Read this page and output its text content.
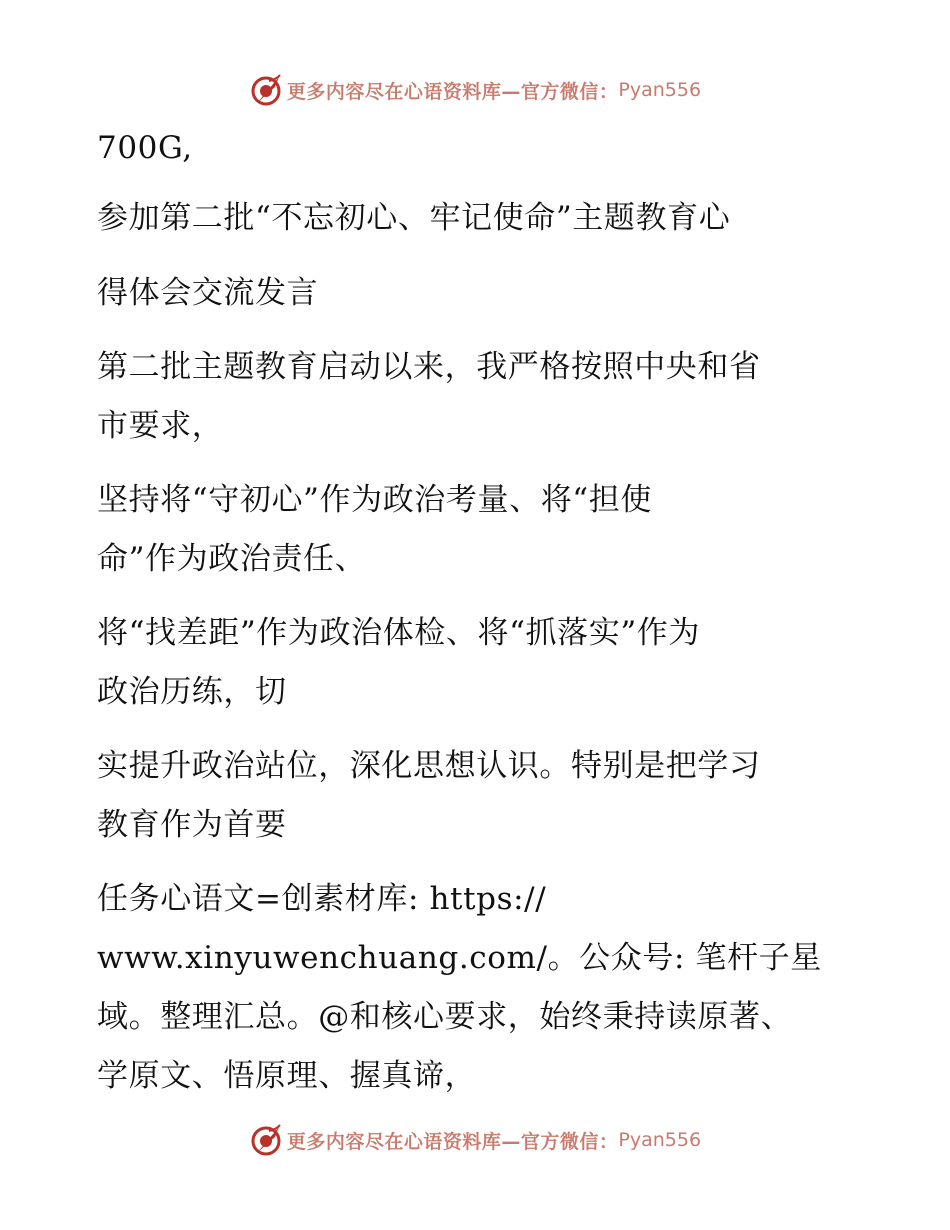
更多内容尽在心语资料库—官方微信： Pyan556
700G,
参加第二批“不忘初心、牢记使命”主题教育心
得体会交流发言
第二批主题教育启动以来，我严格按照中央和省
市要求，
坚持将“守初心”作为政治考量、将“担使
命”作为政治责任、
将“找差距”作为政治体检、将“抓落实”作为
政治历练，切
实提升政治站位，深化思想认识。特别是把学习
教育作为首要
任务心语文=创素材库: https://
www.xinyuwenchuang.com/。公众号: 笔杆子星
域。整理汇总。@和核心要求，始终秉持读原著、
学原文、悟原理、握真谛，
更多内容尽在心语资料库—官方微信： Pyan556
